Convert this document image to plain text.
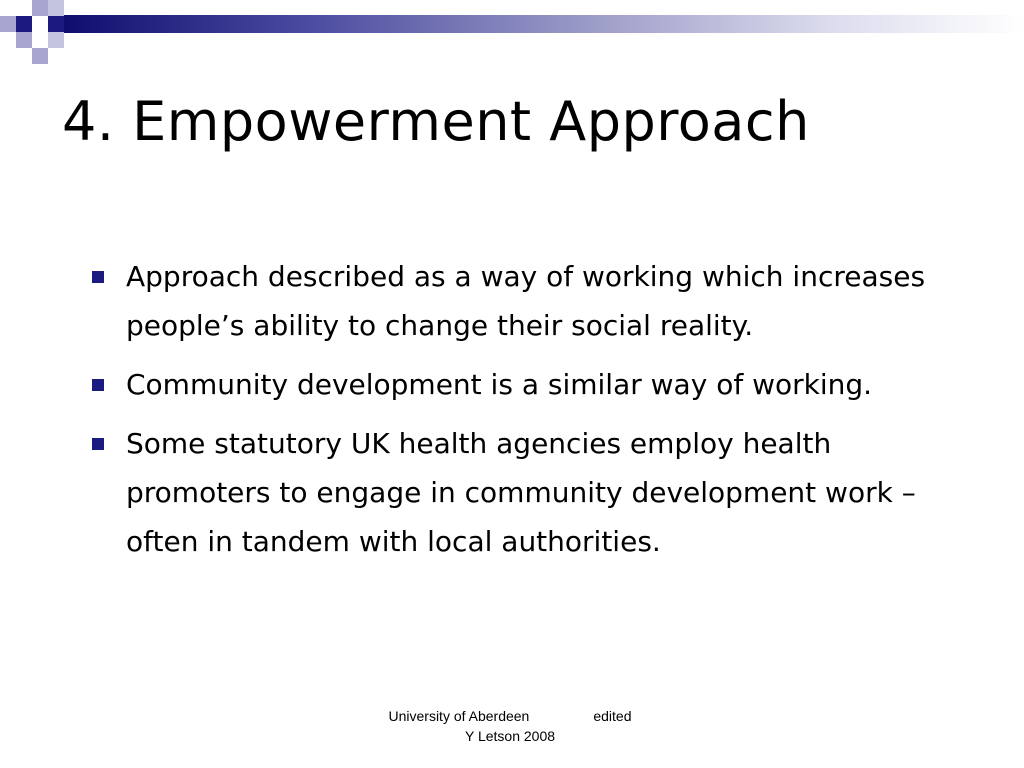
4. Empowerment Approach
Approach described as a way of working which increases people’s ability to change their social reality.
Community development is a similar way of working.
Some statutory UK health agencies employ health promoters to engage in community development work – often in tandem with local authorities.
University of Aberdeen	edited
Y Letson 2008
